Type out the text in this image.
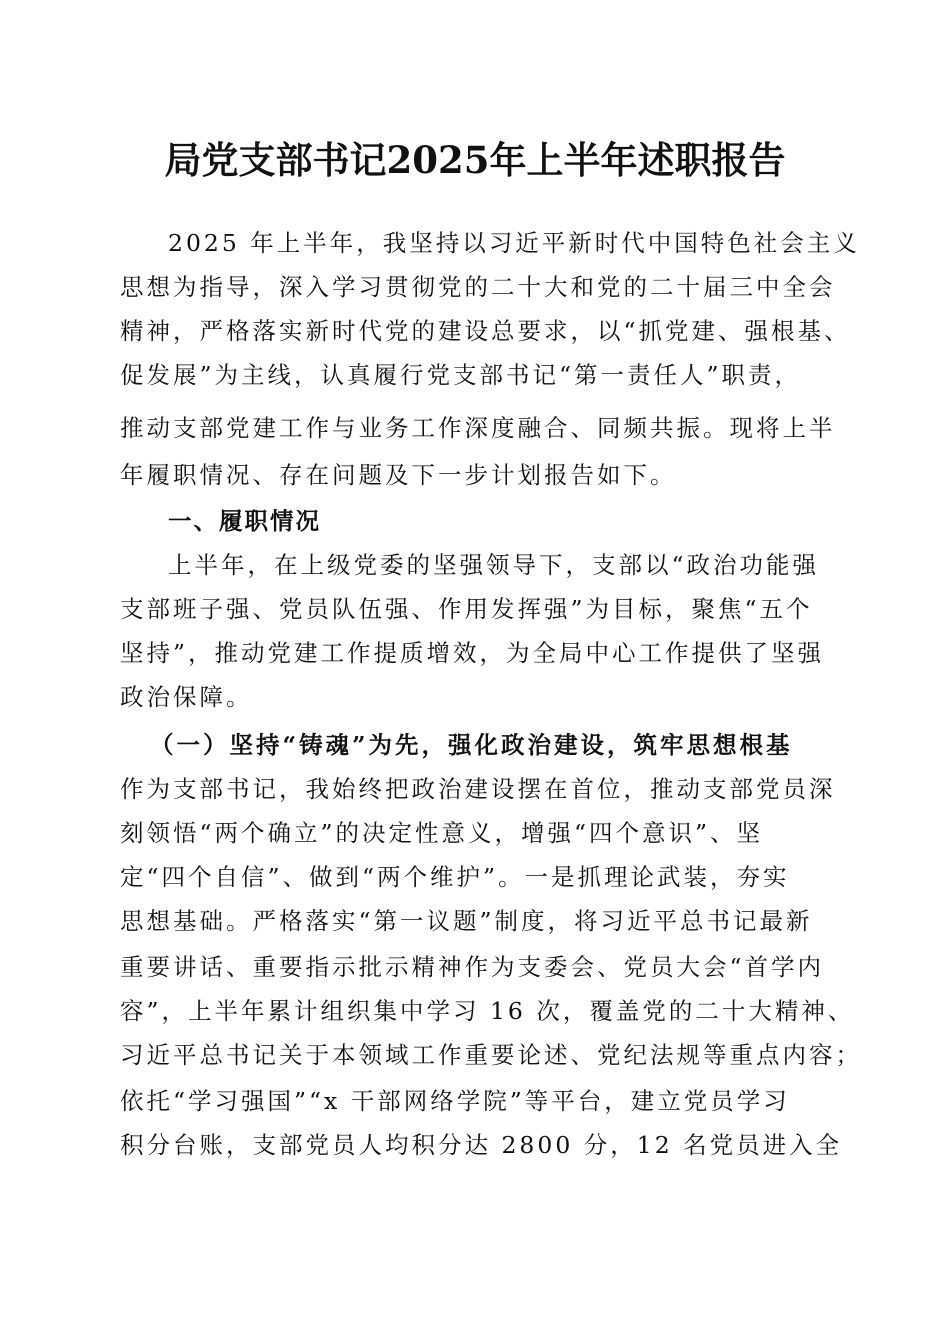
局党支部书记2025年上半年述职报告
2025 年上半年，我坚持以习近平新时代中国特色社会主义
思想为指导，深入学习贯彻党的二十大和党的二十届三中全会
精神，严格落实新时代党的建设总要求，以“抓党建、强根基、
促发展”为主线，认真履行党支部书记“第一责任人”职责，
推动支部党建工作与业务工作深度融合、同频共振。现将上半
年履职情况、存在问题及下一步计划报告如下。
一、履职情况
上半年，在上级党委的坚强领导下，支部以“政治功能强
支部班子强、党员队伍强、作用发挥强”为目标，聚焦“五个
坚持”，推动党建工作提质增效，为全局中心工作提供了坚强
政治保障。
（一）坚持“铸魂”为先，强化政治建设，筑牢思想根基
作为支部书记，我始终把政治建设摆在首位，推动支部党员深
刻领悟“两个确立”的决定性意义，增强“四个意识”、坚
定“四个自信”、做到“两个维护”。一是抓理论武装，夯实
思想基础。严格落实“第一议题”制度，将习近平总书记最新
重要讲话、重要指示批示精神作为支委会、党员大会“首学内
容”，上半年累计组织集中学习 16 次，覆盖党的二十大精神、
习近平总书记关于本领域工作重要论述、党纪法规等重点内容；
依托“学习强国”“x 干部网络学院”等平台，建立党员学习
积分台账，支部党员人均积分达 2800 分，12 名党员进入全
